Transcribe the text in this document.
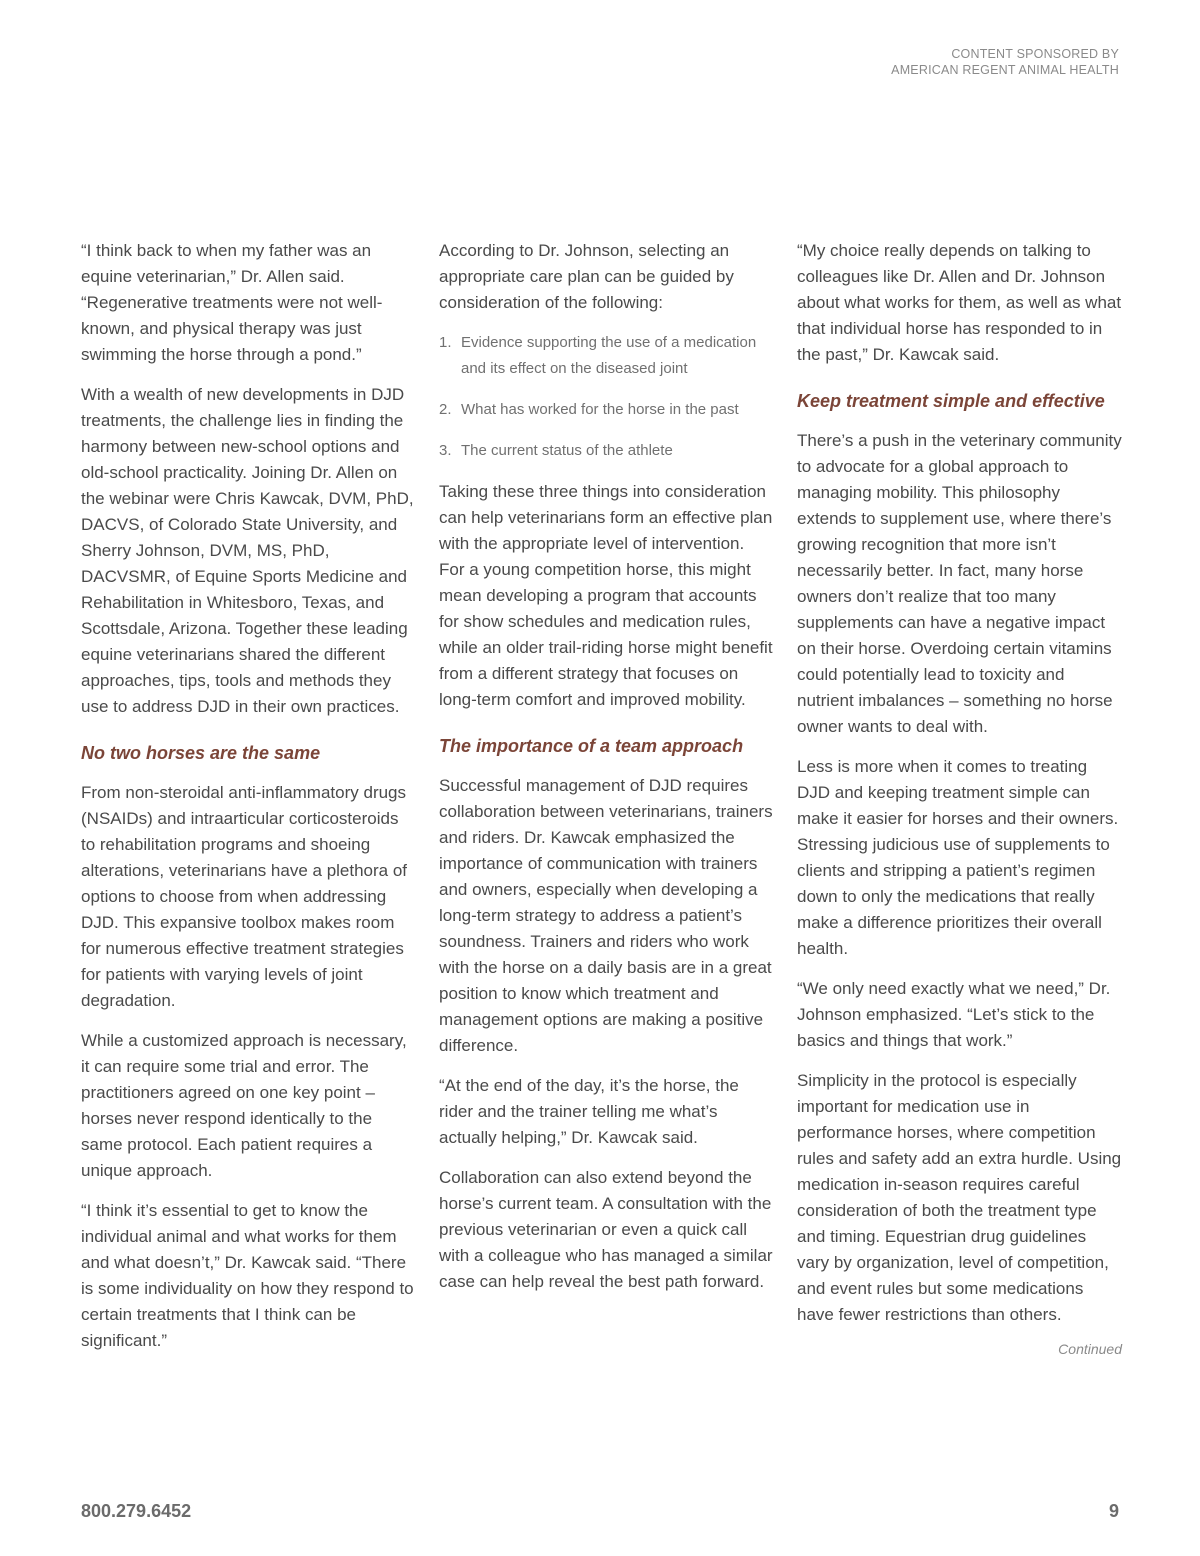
CONTENT SPONSORED BY
AMERICAN REGENT ANIMAL HEALTH

“I think back to when my father was an equine veterinarian,” Dr. Allen said. “Regenerative treatments were not well-known, and physical therapy was just swimming the horse through a pond.”

With a wealth of new developments in DJD treatments, the challenge lies in finding the harmony between new-school options and old-school practicality. Joining Dr. Allen on the webinar were Chris Kawcak, DVM, PhD, DACVS, of Colorado State University, and Sherry Johnson, DVM, MS, PhD, DACVSMR, of Equine Sports Medicine and Rehabilitation in Whitesboro, Texas, and Scottsdale, Arizona. Together these leading equine veterinarians shared the different approaches, tips, tools and methods they use to address DJD in their own practices.

No two horses are the same

From non-steroidal anti-inflammatory drugs (NSAIDs) and intraarticular corticosteroids to rehabilitation programs and shoeing alterations, veterinarians have a plethora of options to choose from when addressing DJD. This expansive toolbox makes room for numerous effective treatment strategies for patients with varying levels of joint degradation.

While a customized approach is necessary, it can require some trial and error. The practitioners agreed on one key point – horses never respond identically to the same protocol. Each patient requires a unique approach.

“I think it’s essential to get to know the individual animal and what works for them and what doesn’t,” Dr. Kawcak said. “There is some individuality on how they respond to certain treatments that I think can be significant.”

According to Dr. Johnson, selecting an appropriate care plan can be guided by consideration of the following:

1. Evidence supporting the use of a medication and its effect on the diseased joint
2. What has worked for the horse in the past
3. The current status of the athlete

Taking these three things into consideration can help veterinarians form an effective plan with the appropriate level of intervention. For a young competition horse, this might mean developing a program that accounts for show schedules and medication rules, while an older trail-riding horse might benefit from a different strategy that focuses on long-term comfort and improved mobility.

The importance of a team approach

Successful management of DJD requires collaboration between veterinarians, trainers and riders. Dr. Kawcak emphasized the importance of communication with trainers and owners, especially when developing a long-term strategy to address a patient’s soundness. Trainers and riders who work with the horse on a daily basis are in a great position to know which treatment and management options are making a positive difference.

“At the end of the day, it’s the horse, the rider and the trainer telling me what’s actually helping,” Dr. Kawcak said.

Collaboration can also extend beyond the horse’s current team. A consultation with the previous veterinarian or even a quick call with a colleague who has managed a similar case can help reveal the best path forward.

“My choice really depends on talking to colleagues like Dr. Allen and Dr. Johnson about what works for them, as well as what that individual horse has responded to in the past,” Dr. Kawcak said.

Keep treatment simple and effective

There’s a push in the veterinary community to advocate for a global approach to managing mobility. This philosophy extends to supplement use, where there’s growing recognition that more isn’t necessarily better. In fact, many horse owners don’t realize that too many supplements can have a negative impact on their horse. Overdoing certain vitamins could potentially lead to toxicity and nutrient imbalances – something no horse owner wants to deal with.

Less is more when it comes to treating DJD and keeping treatment simple can make it easier for horses and their owners. Stressing judicious use of supplements to clients and stripping a patient’s regimen down to only the medications that really make a difference prioritizes their overall health.

“We only need exactly what we need,” Dr. Johnson emphasized. “Let’s stick to the basics and things that work.”

Simplicity in the protocol is especially important for medication use in performance horses, where competition rules and safety add an extra hurdle. Using medication in-season requires careful consideration of both the treatment type and timing. Equestrian drug guidelines vary by organization, level of competition, and event rules but some medications have fewer restrictions than others.

Continued
800.279.6452	9
